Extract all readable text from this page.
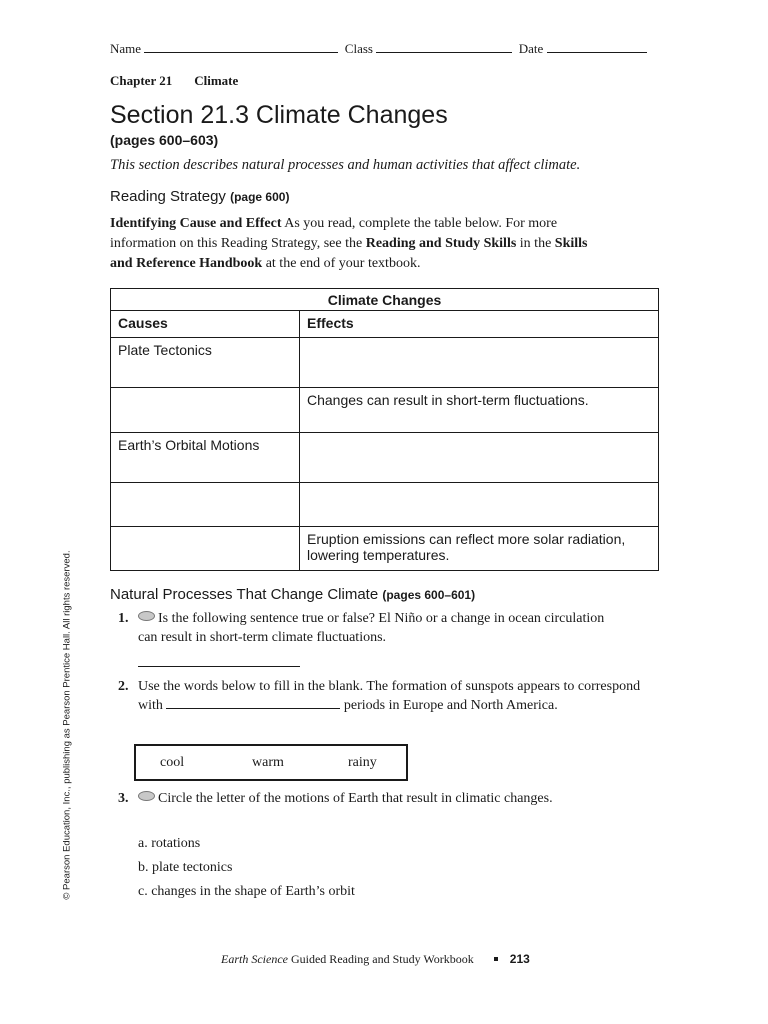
Name	Class	Date
Chapter 21 Climate
Section 21.3 Climate Changes
(pages 600–603)
This section describes natural processes and human activities that affect climate.
Reading Strategy (page 600)
Identifying Cause and Effect As you read, complete the table below. For more information on this Reading Strategy, see the Reading and Study Skills in the Skills and Reference Handbook at the end of your textbook.
Climate Changes	
Causes	Effects
Plate Tectonics	
	Changes can result in short-term fluctuations.
Earth’s Orbital Motions	

	Eruption emissions can reflect more solar radiation, lowering temperatures.
Natural Processes That Change Climate (pages 600–601)
1.	Is the following sentence true or false? El Niño or a change in ocean circulation can result in short-term climate fluctuations.
2. Use the words below to fill in the blank. The formation of sunspots appears to correspond with	periods in Europe and North America.
cool	warm	rainy
3.	Circle the letter of the motions of Earth that result in climatic changes.
a. rotations
b. plate tectonics
c. changes in the shape of Earth’s orbit
© Pearson Education, Inc., publishing as Pearson Prentice Hall. All rights reserved.
Earth Science Guided Reading and Study Workbook	213
